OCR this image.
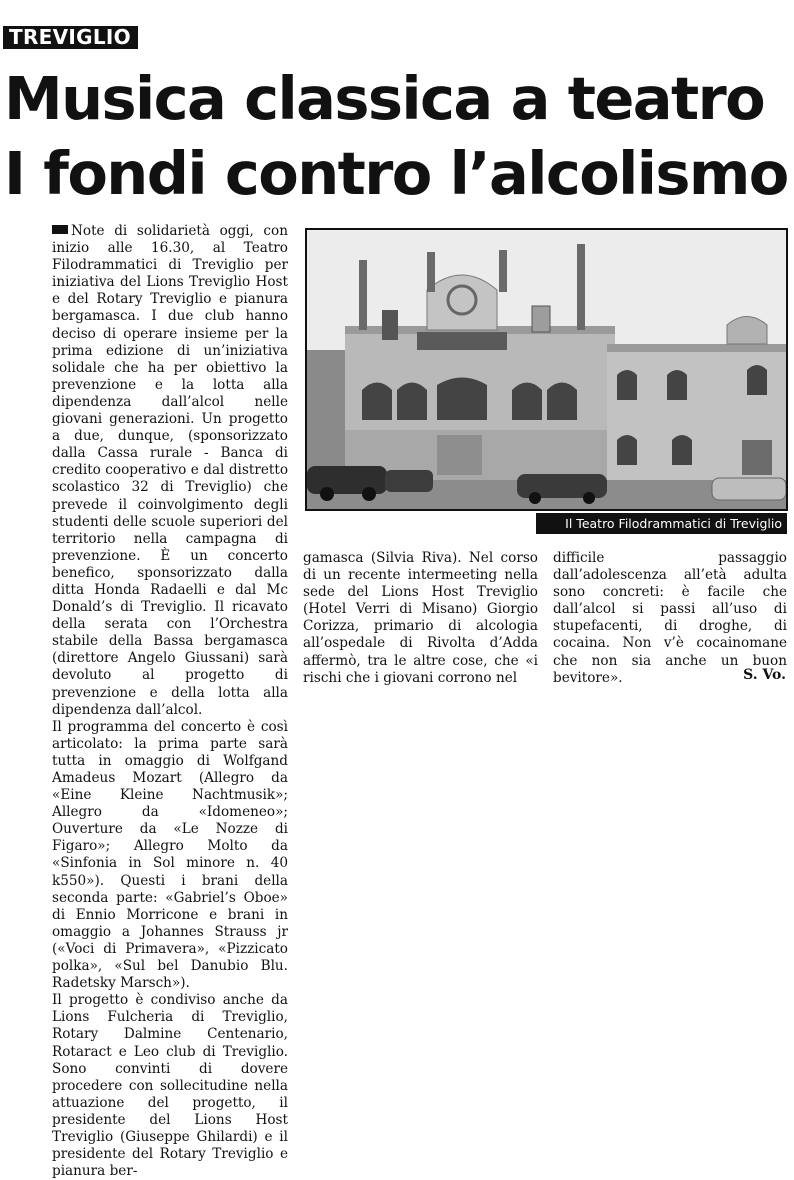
TREVIGLIO
Musica classica a teatro
I fondi contro l’alcolismo

Note di solidarietà oggi, con inizio alle 16.30, al Teatro Filodrammatici di Treviglio per iniziativa del Lions Treviglio Host e del Rotary Treviglio e pianura bergamasca. I due club hanno deciso di operare insieme per la prima edizione di un’iniziativa solidale che ha per obiettivo la prevenzione e la lotta alla dipendenza dall’alcol nelle giovani generazioni. Un progetto a due, dunque, (sponsorizzato dalla Cassa rurale - Banca di credito cooperativo e dal distretto scolastico 32 di Treviglio) che prevede il coinvolgimento degli studenti delle scuole superiori del territorio nella campagna di prevenzione. È un concerto benefico, sponsorizzato dalla ditta Honda Radaelli e dal Mc Donald’s di Treviglio. Il ricavato della serata con l’Orchestra stabile della Bassa bergamasca (direttore Angelo Giussani) sarà devoluto al progetto di prevenzione e della lotta alla dipendenza dall’alcol.

Il programma del concerto è così articolato: la prima parte sarà tutta in omaggio di Wolfgand Amadeus Mozart (Allegro da «Eine Kleine Nachtmusik»; Allegro da «Idomeneo»; Ouverture da «Le Nozze di Figaro»; Allegro Molto da «Sinfonia in Sol minore n. 40 k550»). Questi i brani della seconda parte: «Gabriel’s Oboe» di Ennio Morricone e brani in omaggio a Johannes Strauss jr («Voci di Primavera», «Pizzicato polka», «Sul bel Danubio Blu. Radetsky Marsch»).

Il progetto è condiviso anche da Lions Fulcheria di Treviglio, Rotary Dalmine Centenario, Rotaract e Leo club di Treviglio. Sono convinti di dovere procedere con sollecitudine nella attuazione del progetto, il presidente del Lions Host Treviglio (Giuseppe Ghilardi) e il presidente del Rotary Treviglio e pianura ber-

Il Teatro Filodrammatici di Treviglio

gamasca (Silvia Riva). Nel corso di un recente intermeeting nella sede del Lions Host Treviglio (Hotel Verri di Misano) Giorgio Corizza, primario di alcologia all’ospedale di Rivolta d’Adda affermò, tra le altre cose, che «i rischi che i giovani corrono nel

difficile passaggio dall’adolescenza all’età adulta sono concreti: è facile che dall’alcol si passi all’uso di stupefacenti, di droghe, di cocaina. Non v’è cocainomane che non sia anche un buon bevitore».	S. Vo.
